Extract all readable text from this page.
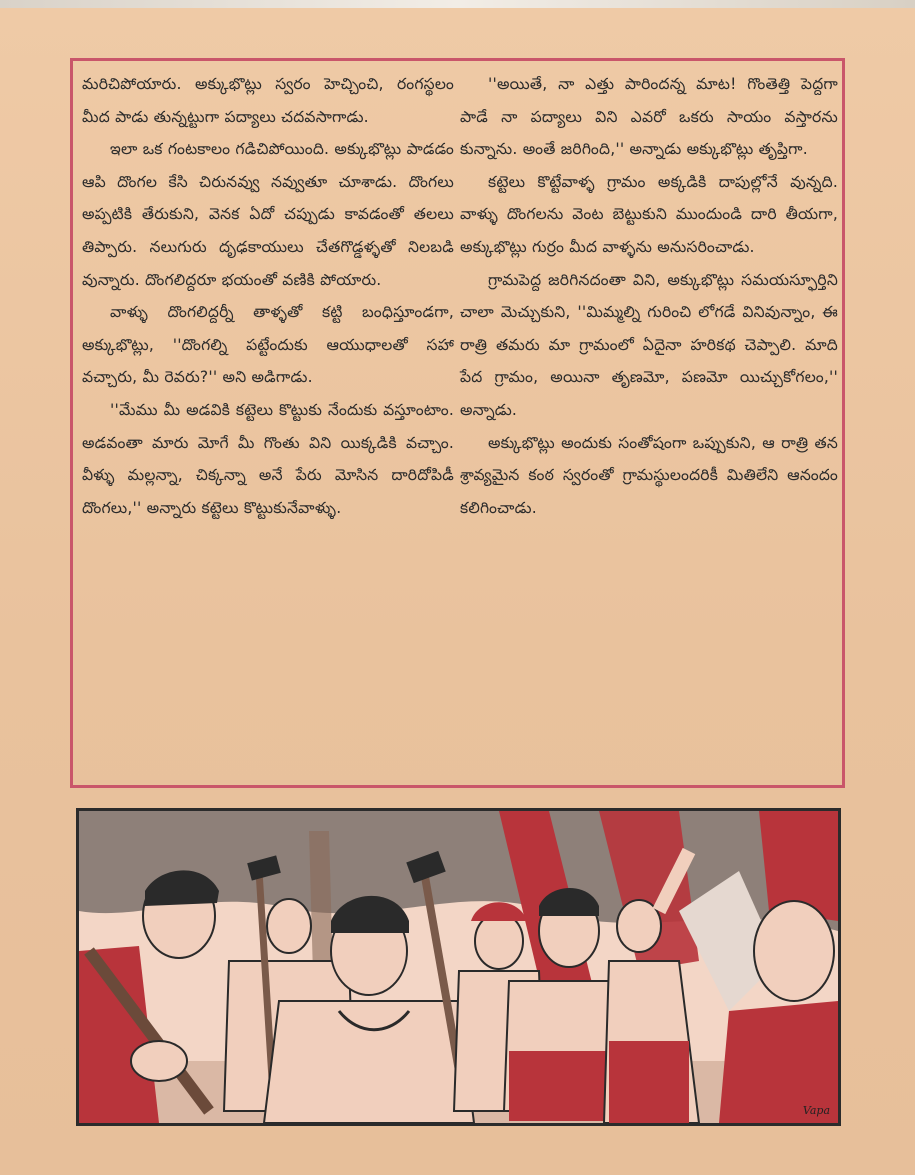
మరిచిపోయారు. అక్కుభొట్లు స్వరం హెచ్చించి, రంగస్థలం మీద పాడు తున్నట్టుగా పద్యాలు చదవసాగాడు.

ఇలా ఒక గంటకాలం గడిచిపోయింది. అక్కుభొట్లు పాడడం ఆపి దొంగల కేసి చిరునవ్వు నవ్వుతూ చూశాడు. దొంగలు అప్పటికి తేరుకుని, వెనక ఏదో చప్పుడు కావడంతో తలలు తిప్పారు. నలుగురు దృఢకాయులు చేతగొడ్డళ్ళతో నిలబడి వున్నారు. దొంగలిద్దరూ భయంతో వణికి పోయారు.

వాళ్ళు దొంగలిద్దర్నీ తాళ్ళతో కట్టి బంధిస్తూండగా, అక్కుభొట్లు, ''దొంగల్ని పట్టేందుకు ఆయుధాలతో సహా వచ్చారు, మీ రెవరు?'' అని అడిగాడు.

''మేము మీ అడవికి కట్టెలు కొట్టుకు నేందుకు వస్తూంటాం. అడవంతా మారు మోగే మీ గొంతు విని యిక్కడికి వచ్చాం. వీళ్ళు మల్లన్నా, చిక్కన్నా అనే పేరు మోసిన దారిదోపిడీ దొంగలు,'' అన్నారు కట్టెలు కొట్టుకునేవాళ్ళు.

''అయితే, నా ఎత్తు పారిందన్న మాట! గొంతెత్తి పెద్దగా పాడే నా పద్యాలు విని ఎవరో ఒకరు సాయం వస్తారను కున్నాను. అంతే జరిగింది,'' అన్నాడు అక్కుభొట్లు తృప్తిగా.

కట్టెలు కొట్టేవాళ్ళ గ్రామం అక్కడికి దాపుల్లోనే వున్నది. వాళ్ళు దొంగలను వెంట బెట్టుకుని ముందుండి దారి తీయగా, అక్కుభొట్లు గుర్రం మీద వాళ్ళను అనుసరించాడు.

గ్రామపెద్ద జరిగినదంతా విని, అక్కుభొట్లు సమయస్ఫూర్తిని చాలా మెచ్చుకుని, ''మిమ్మల్ని గురించి లోగడే వినివున్నాం, ఈ రాత్రి తమరు మా గ్రామంలో ఏదైనా హరికథ చెప్పాలి. మాది పేద గ్రామం, అయినా తృణమో, పణమో యిచ్చుకోగలం,'' అన్నాడు.

అక్కుభొట్లు అందుకు సంతోషంగా ఒప్పుకుని, ఆ రాత్రి తన శ్రావ్యమైన కంఠ స్వరంతో గ్రామస్థులందరికీ మితిలేని ఆనందం కలిగించాడు.

Vapa
